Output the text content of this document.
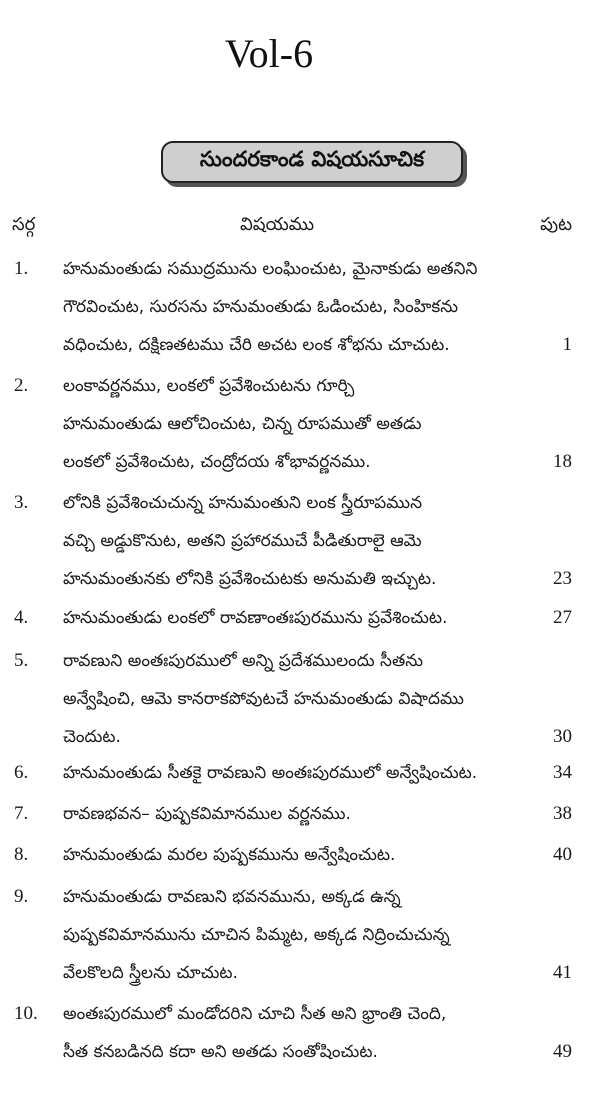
Vol-6
సుందరకాండ విషయసూచిక
సర్గ	విషయము	పుట
1. హనుమంతుడు సముద్రమును లంఘించుట, మైనాకుడు అతనిని
గౌరవించుట, సురసను హనుమంతుడు ఓడించుట, సింహికను
వధించుట, దక్షిణతటము చేరి అచట లంక శోభను చూచుట.	1
2. లంకావర్ణనము, లంకలో ప్రవేశించుటను గూర్చి
హనుమంతుడు ఆలోచించుట, చిన్న రూపముతో అతడు
లంకలో ప్రవేశించుట, చంద్రోదయ శోభావర్ణనము.	18
3. లోనికి ప్రవేశించుచున్న హనుమంతుని లంక స్త్రీరూపమున
వచ్చి అడ్డుకొనుట, అతని ప్రహారముచే పీడితురాలై ఆమె
హనుమంతునకు లోనికి ప్రవేశించుటకు అనుమతి ఇచ్చుట.	23
4. హనుమంతుడు లంకలో రావణాంతఃపురమును ప్రవేశించుట.	27
5. రావణుని అంతఃపురములో అన్ని ప్రదేశములందు సీతను
అన్వేషించి, ఆమె కానరాకపోవుటచే హనుమంతుడు విషాదము
చెందుట.	30
6. హనుమంతుడు సీతకై రావణుని అంతఃపురములో అన్వేషించుట.	34
7. రావణభవన– పుష్పకవిమానముల వర్ణనము.	38
8. హనుమంతుడు మరల పుష్పకమును అన్వేషించుట.	40
9. హనుమంతుడు రావణుని భవనమును, అక్కడ ఉన్న
పుష్పకవిమానమును చూచిన పిమ్మట, అక్కడ నిద్రించుచున్న
వేలకొలది స్త్రీలను చూచుట.	41
10. అంతఃపురములో మండోదరిని చూచి సీత అని భ్రాంతి చెంది,
సీత కనబడినది కదా అని అతడు సంతోషించుట.	49
